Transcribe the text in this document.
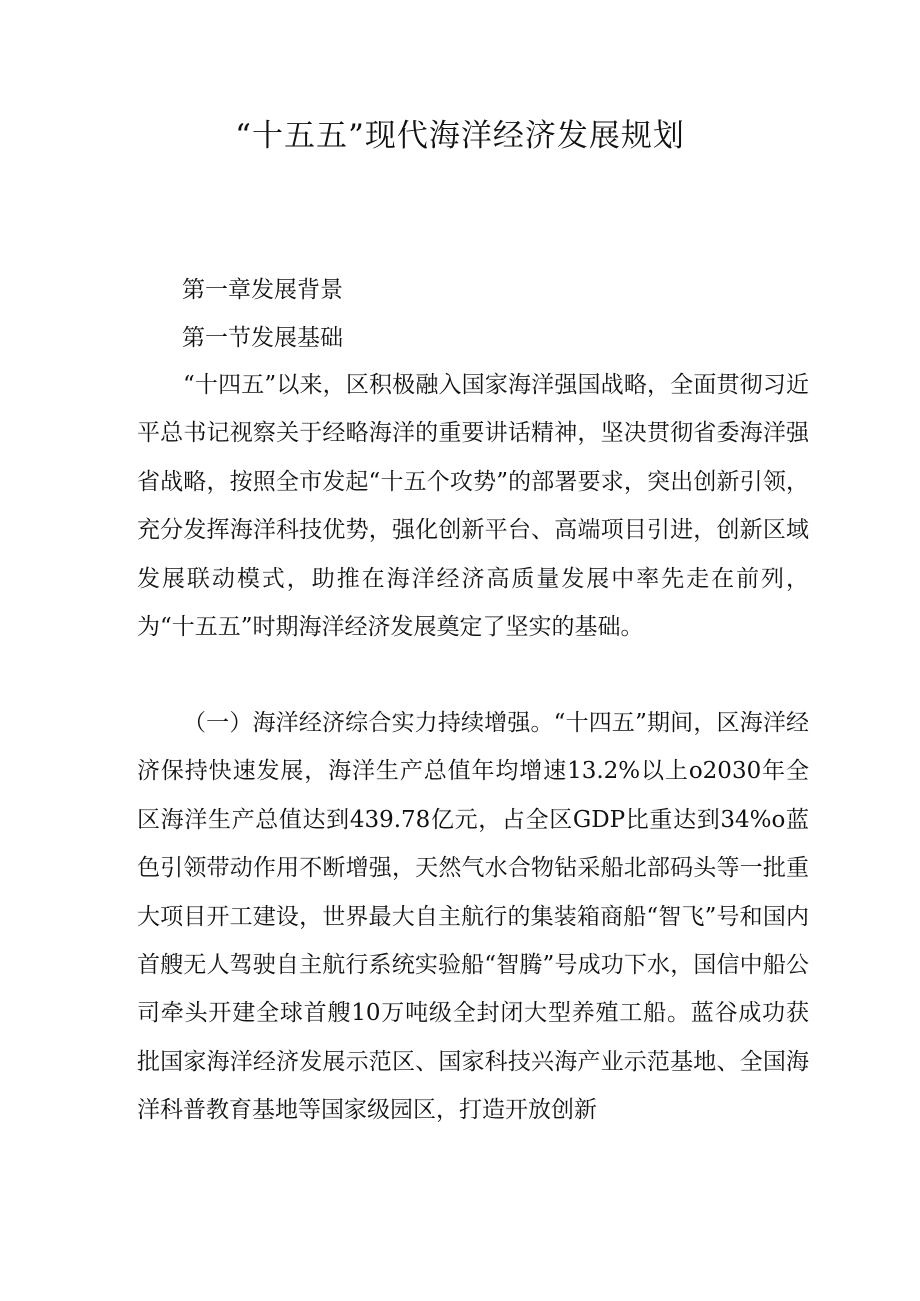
“十五五”现代海洋经济发展规划
第一章发展背景
第一节发展基础

“十四五”以来，区积极融入国家海洋强国战略，全面贯彻习近平总书记视察关于经略海洋的重要讲话精神，坚决贯彻省委海洋强省战略，按照全市发起“十五个攻势”的部署要求，突出创新引领，充分发挥海洋科技优势，强化创新平台、高端项目引进，创新区域发展联动模式，助推在海洋经济高质量发展中率先走在前列，为“十五五”时期海洋经济发展奠定了坚实的基础。

（一）海洋经济综合实力持续增强。“十四五”期间，区海洋经济保持快速发展，海洋生产总值年均增速13.2%以上o2030年全区海洋生产总值达到439.78亿元，占全区GDP比重达到34%o蓝色引领带动作用不断增强，天然气水合物钻采船北部码头等一批重大项目开工建设，世界最大自主航行的集装箱商船“智飞”号和国内首艘无人驾驶自主航行系统实验船“智腾”号成功下水，国信中船公司牵头开建全球首艘10万吨级全封闭大型养殖工船。蓝谷成功获批国家海洋经济发展示范区、国家科技兴海产业示范基地、全国海洋科普教育基地等国家级园区，打造开放创新
